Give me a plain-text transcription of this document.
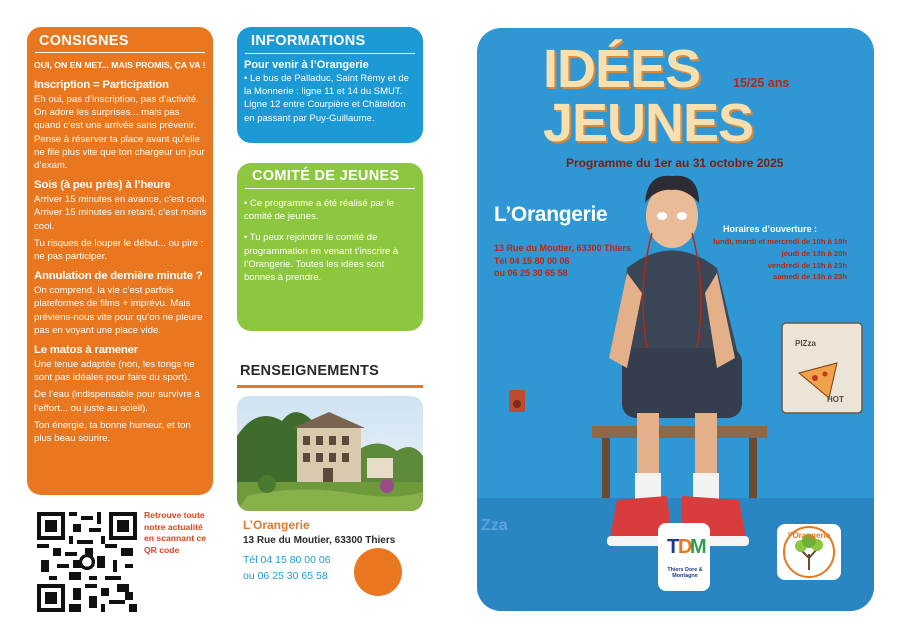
CONSIGNES
OUI, ON EN MET... MAIS PROMIS, ÇA VA !
Inscription = Participation

Eh oui, pas d’inscription, pas d’activité. On adore les surprises... mais pas quand c’est une arrivée sans prévenir. Pense à réserver ta place avant qu’elle ne file plus vite que ton chargeur un jour d’exam.

Sois (à peu près) à l’heure

Arriver 15 minutes en avance, c’est cool. Arriver 15 minutes en retard, c’est moins cool.

Tu risques de louper le début... ou pire : ne pas participer.

Annulation de dernière minute ?

On comprend, la vie c’est parfois plateformes de films + imprévu. Mais préviens-nous vite pour qu’on ne pleure pas en voyant une place vide.

Le matos à ramener

Une tenue adaptée (non, les tongs ne sont pas idéales pour faire du sport).

De l’eau (indispensable pour survivre à l’effort... ou juste au soleil).

Ton énergie, ta bonne humeur, et ton plus beau sourire.

Retrouve toute notre actualité en scannant ce QR code
INFORMATIONS
Pour venir à l’Orangerie

• Le bus de Palladuc, Saint Rémy et de la Monnerie : ligne 11 et 14 du SMUT. Ligne 12 entre Courpière et Châteldon en passant par Puy-Guillaume.

COMITÉ DE JEUNES

• Ce programme a été réalisé par le comité de jeunes.

• Tu peux rejoindre le comité de programmation en venant t’inscrire à l’Orangerie. Toutes les idées sont bonnes à prendre.

RENSEIGNEMENTS
L’Orangerie
13 Rue du Moutier, 63300 Thiers
Tél 04 15 80 00 06
ou 06 25 30 65 58
PIZza
HOT
Zza
IDÉES
JEUNES
15/25 ans
Programme du 1er au 31 octobre 2025
L’Orangerie
13 Rue du Moutier, 63300 Thiers
Tél 04 15 80 00 06
ou 06 25 30 65 58
Horaires d’ouverture :
lundi, mardi et mercredi de 10h à 18h
jeudi de 13h à 20h
vendredi de 13h à 23h
samedi de 13h à 23h
T
D
M
Thiers Dore & Montagne
l’Orangerie
